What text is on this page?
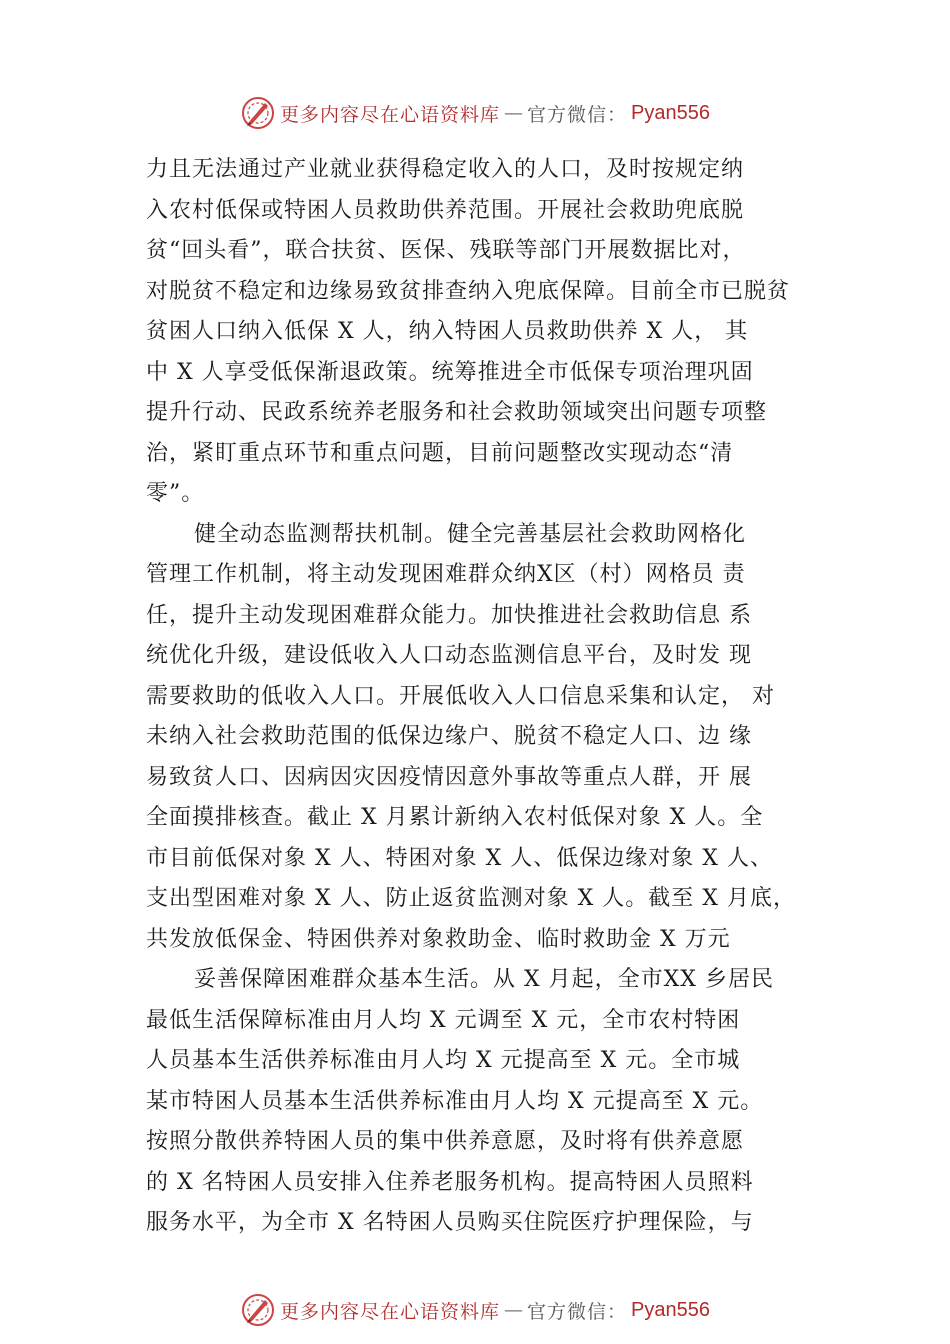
更多内容尽在心语资料库 — 官方微信： Pyan556
力且无法通过产业就业获得稳定收入的人口，及时按规定纳
入农村低保或特困人员救助供养范围。开展社会救助兜底脱
贫“回头看”，联合扶贫、医保、残联等部门开展数据比对，
对脱贫不稳定和边缘易致贫排查纳入兜底保障。目前全市已脱贫
贫困人口纳入低保 X 人，纳入特困人员救助供养 X 人， 其
中 X 人享受低保渐退政策。统筹推进全市低保专项治理巩固
提升行动、民政系统养老服务和社会救助领域突出问题专项整
治，紧盯重点环节和重点问题，目前问题整改实现动态“清
零”。
健全动态监测帮扶机制。健全完善基层社会救助网格化
管理工作机制，将主动发现困难群众纳X区（村）网格员 责
任，提升主动发现困难群众能力。加快推进社会救助信息 系
统优化升级，建设低收入人口动态监测信息平台，及时发 现
需要救助的低收入人口。开展低收入人口信息采集和认定， 对
未纳入社会救助范围的低保边缘户、脱贫不稳定人口、边 缘
易致贫人口、因病因灾因疫情因意外事故等重点人群，开 展
全面摸排核查。截止 X 月累计新纳入农村低保对象 X 人。全
市目前低保对象 X 人、特困对象 X 人、低保边缘对象 X 人、
支出型困难对象 X 人、防止返贫监测对象 X 人。截至 X 月底，
共发放低保金、特困供养对象救助金、临时救助金 X 万元
妥善保障困难群众基本生活。从 X 月起，全市XX 乡居民
最低生活保障标准由月人均 X 元调至 X 元，全市农村特困
人员基本生活供养标准由月人均 X 元提高至 X 元。全市城
某市特困人员基本生活供养标准由月人均 X 元提高至 X 元。
按照分散供养特困人员的集中供养意愿，及时将有供养意愿
的 X 名特困人员安排入住养老服务机构。提高特困人员照料
服务水平，为全市 X 名特困人员购买住院医疗护理保险，与
更多内容尽在心语资料库 — 官方微信： Pyan556
